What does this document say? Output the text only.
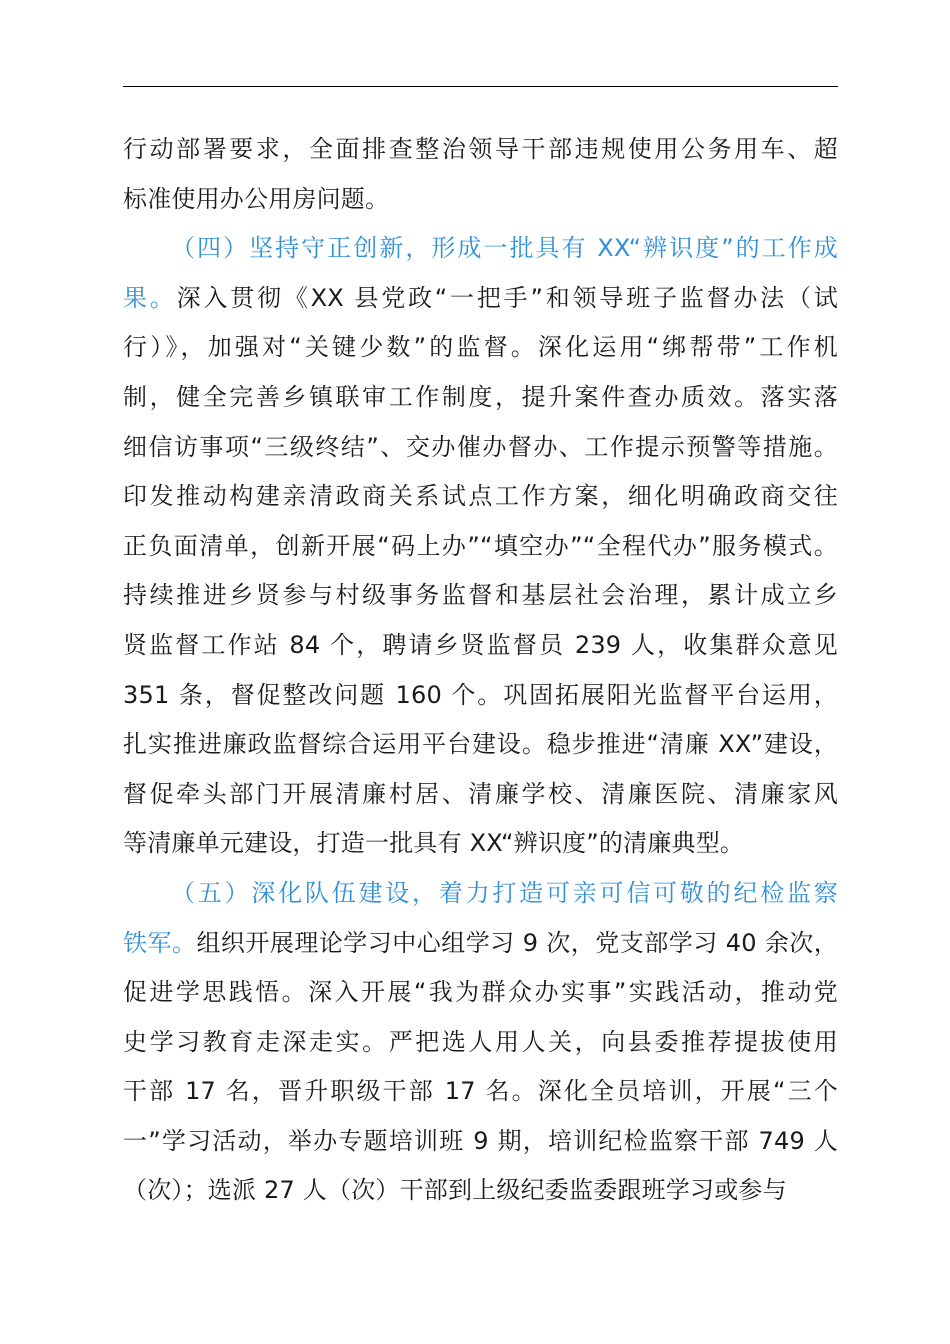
行动部署要求，全面排查整治领导干部违规使用公务用车、超
标准使用办公用房问题。
（四）坚持守正创新，形成一批具有 XX“辨识度”的工作成
果。深入贯彻《XX 县党政“一把手”和领导班子监督办法（试
行）》，加强对“关键少数”的监督。深化运用“绑帮带”工作机
制，健全完善乡镇联审工作制度，提升案件查办质效。落实落
细信访事项“三级终结”、交办催办督办、工作提示预警等措施。
印发推动构建亲清政商关系试点工作方案，细化明确政商交往
正负面清单，创新开展“码上办”“填空办”“全程代办”服务模式。
持续推进乡贤参与村级事务监督和基层社会治理，累计成立乡
贤监督工作站 84 个，聘请乡贤监督员 239 人，收集群众意见
351 条，督促整改问题 160 个。巩固拓展阳光监督平台运用，
扎实推进廉政监督综合运用平台建设。稳步推进“清廉 XX”建设，
督促牵头部门开展清廉村居、清廉学校、清廉医院、清廉家风
等清廉单元建设，打造一批具有 XX“辨识度”的清廉典型。
（五）深化队伍建设，着力打造可亲可信可敬的纪检监察
铁军。组织开展理论学习中心组学习 9 次，党支部学习 40 余次，
促进学思践悟。深入开展“我为群众办实事”实践活动，推动党
史学习教育走深走实。严把选人用人关，向县委推荐提拔使用
干部 17 名，晋升职级干部 17 名。深化全员培训，开展“三个
一”学习活动，举办专题培训班 9 期，培训纪检监察干部 749 人
（次）；选派 27 人（次）干部到上级纪委监委跟班学习或参与
